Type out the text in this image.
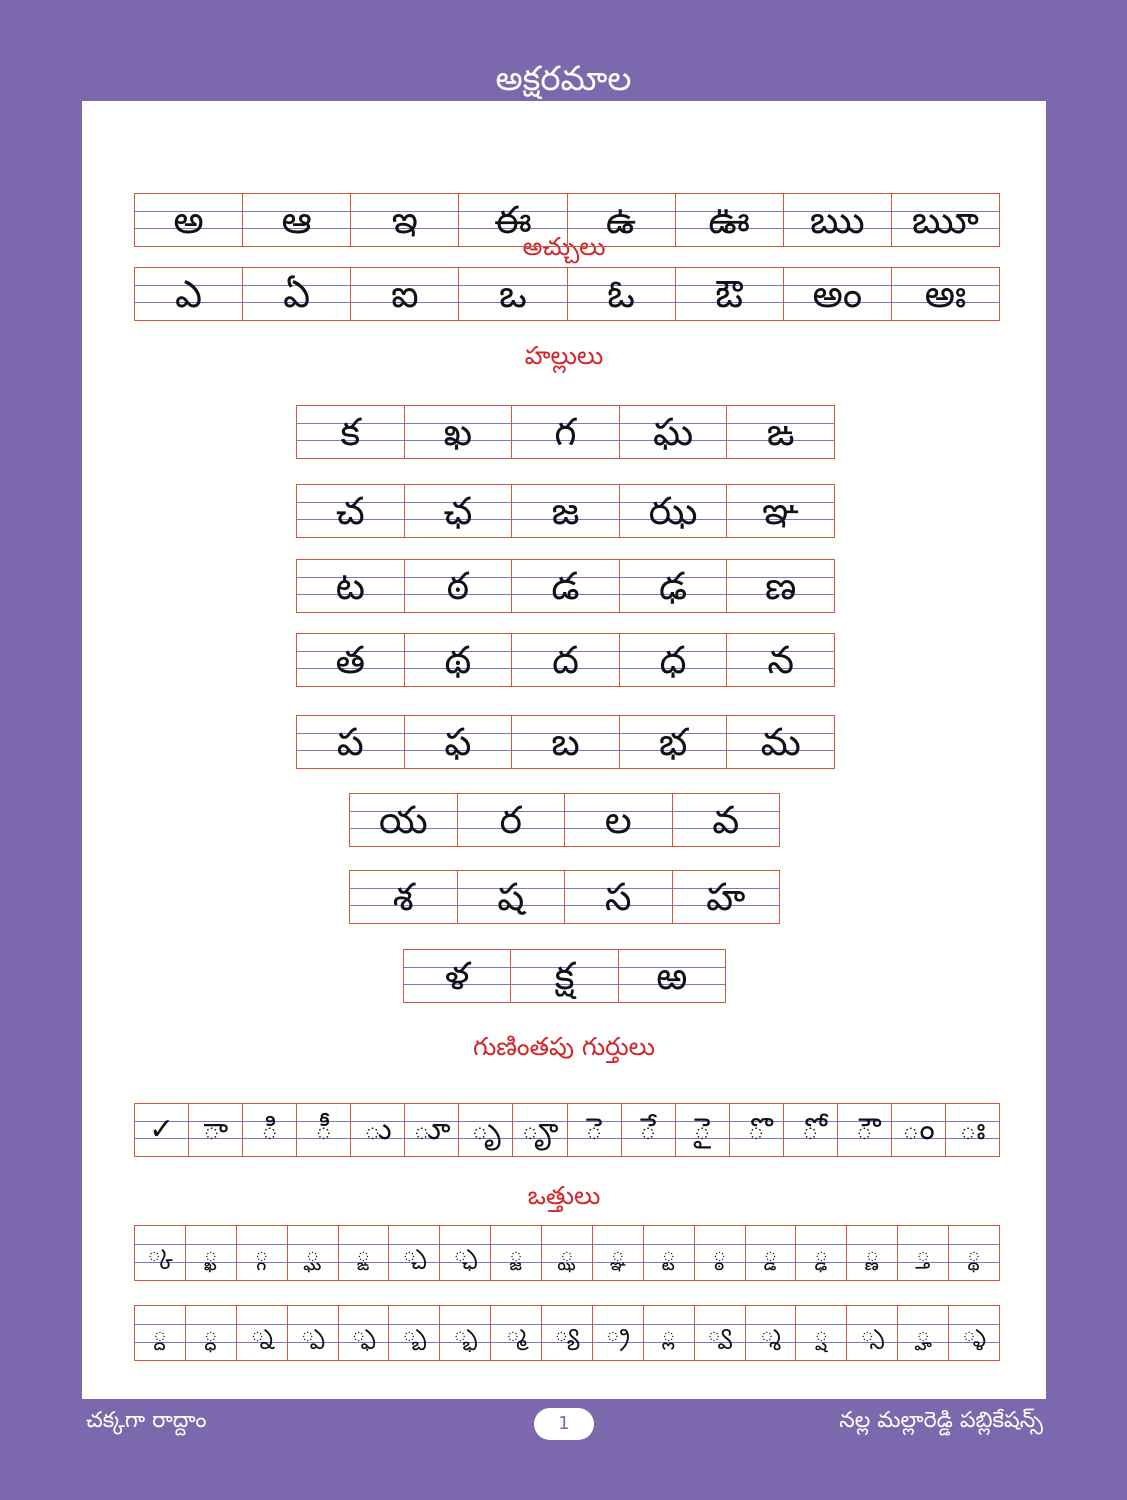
అక్షరమాల
అచ్చులు
అ ఆ ఇ ఈ ఉ ఊ ఋ ౠ
ఎ ఏ ఐ ఒ ఓ ఔ అం అః
హల్లులు
క ఖ గ ఘ ఙ
చ ఛ జ ఝ ఞ
ట ఠ డ ఢ ణ
త థ ద ధ న
ప ఫ బ భ మ
య ర ల వ
శ ష స హ
ళ క్ష ఱ
గుణింతపు గుర్తులు
✓ ా ి ీ ు ూ ృ ౄ ె ే ై ొ ో ౌ ం ః
ఒత్తులు
్క ్ఖ ్గ ్ఘ ్ఙ ్చ ్ఛ ్జ ్ఝ ్ఞ ్ట ్ఠ ్డ ్ఢ ్ణ ్త ్థ
్ద ్ధ ్న ్ప ్ఫ ్బ ్భ ్మ ్య ్ర ్ల ్వ ్శ ్ష ్స ్హ ్ళ
చక్కగా రాద్దాం	1	నల్ల మల్లారెడ్డి పబ్లికేషన్స్
